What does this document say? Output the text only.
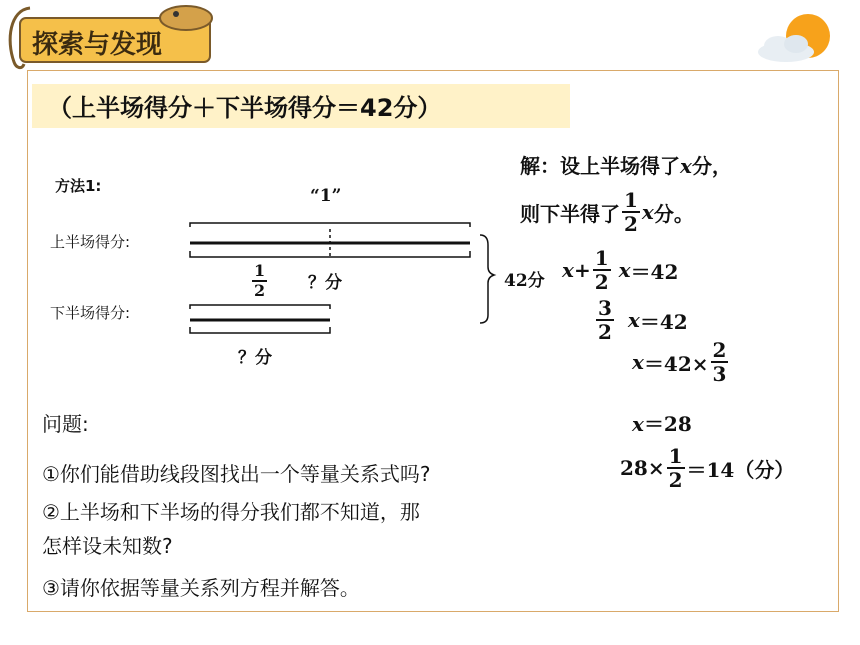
探索与发现
（上半场得分＋下半场得分＝42分）
方法1:	“1”
上半场得分:
下半场得分:
$\frac{1}{2}$ ？分
？分
42分
问题:
①你们能借助线段图找出一个等量关系式吗?
②上半场和下半场的得分我们都不知道，那
怎样设未知数?
③请你依据等量关系列方程并解答。
解：设上半场得了x分，
则下半得了 $\frac{1}{2}$ x 分。
$x + \frac{1}{2}$ x ＝42
$\frac{3}{2}$ x ＝42
$x =42\times \frac{2}{3}$
x＝28
$28\times \frac{1}{2} =14$（分）
